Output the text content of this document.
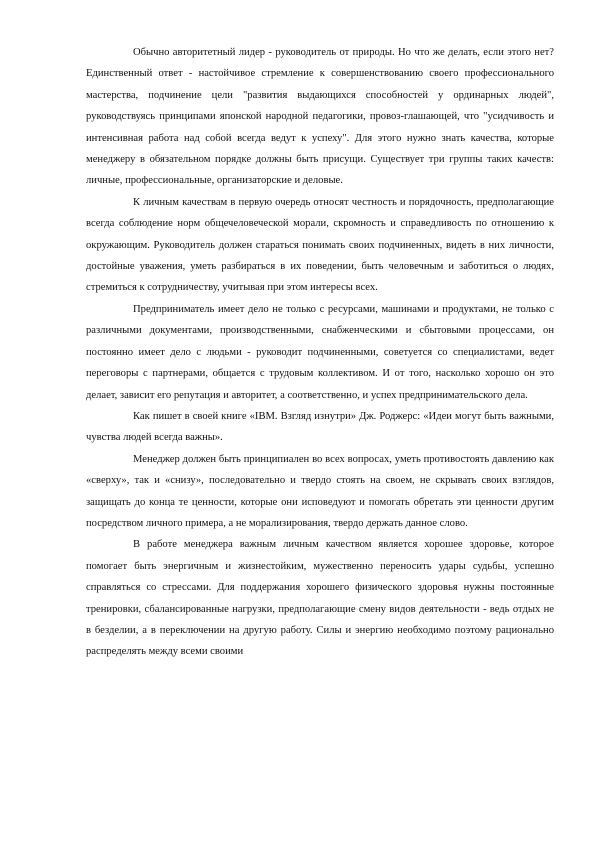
Обычно авторитетный лидер - руководитель от природы. Но что же делать, если этого нет? Единственный ответ - настойчивое стремление к совершенствованию своего профессионального мастерства, подчинение цели "развития выдающихся способностей у ординарных людей", руководствуясь принципами японской народной педагогики, провоз-глашающей, что "усидчивость и интенсивная работа над собой всегда ведут к успеху". Для этого нужно знать качества, которые менеджеру в обязательном порядке должны быть присущи. Существует три группы таких качеств: личные, профессиональные, организаторские и деловые.

К личным качествам в первую очередь относят честность и порядочность, предполагающие всегда соблюдение норм общечеловеческой морали, скромность и справедливость по отношению к окружающим. Руководитель должен стараться понимать своих подчиненных, видеть в них личности, достойные уважения, уметь разбираться в их поведении, быть человечным и заботиться о людях, стремиться к сотрудничеству, учитывая при этом интересы всех.

Предприниматель имеет дело не только с ресурсами, машинами и продуктами, не только с различными документами, производственными, снабженческими и сбытовыми процессами, он постоянно имеет дело с людьми - руководит подчиненными, советуется со специалистами, ведет переговоры с партнерами, общается с трудовым коллективом. И от того, насколько хорошо он это делает, зависит его репутация и авторитет, а соответственно, и успех предпринимательского дела.

Как пишет в своей книге «IBM. Взгляд изнутри» Дж. Роджерс: «Идеи могут быть важными, чувства людей всегда важны».

Менеджер должен быть принципиален во всех вопросах, уметь противостоять давлению как «сверху», так и «снизу», последовательно и твердо стоять на своем, не скрывать своих взглядов, защищать до конца те ценности, которые они исповедуют и помогать обретать эти ценности другим посредством личного примера, а не морализирования, твердо держать данное слово.

В работе менеджера важным личным качеством является хорошее здоровье, которое помогает быть энергичным и жизнестойким, мужественно переносить удары судьбы, успешно справляться со стрессами. Для поддержания хорошего физического здоровья нужны постоянные тренировки, сбалансированные нагрузки, предполагающие смену видов деятельности - ведь отдых не в безделии, а в переключении на другую работу. Силы и энергию необходимо поэтому рационально распределять между всеми своими
